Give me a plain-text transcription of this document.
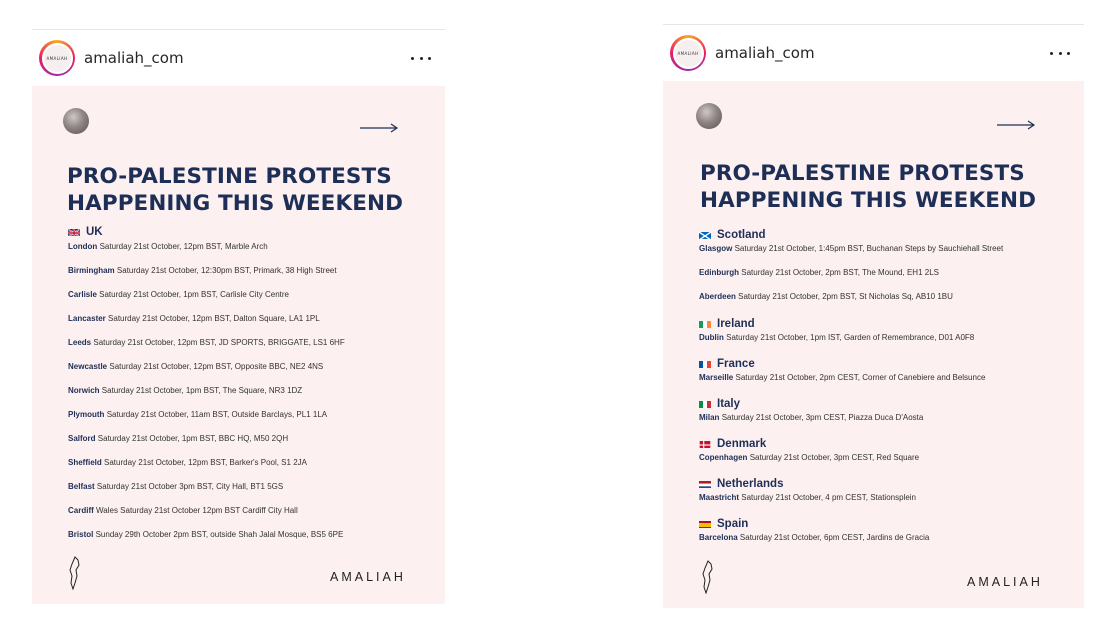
AMALIAH	amaliah_com
PRO-PALESTINE PROTESTS
HAPPENING THIS WEEKEND
UK
London Saturday 21st October, 12pm BST, Marble Arch
Birmingham Saturday 21st October, 12:30pm BST, Primark, 38 High Street
Carlisle Saturday 21st October, 1pm BST, Carlisle City Centre
Lancaster Saturday 21st October, 12pm BST, Dalton Square, LA1 1PL
Leeds Saturday 21st October, 12pm BST, JD SPORTS, BRIGGATE, LS1 6HF
Newcastle Saturday 21st October, 12pm BST, Opposite BBC, NE2 4NS
Norwich Saturday 21st October, 1pm BST, The Square, NR3 1DZ
Plymouth Saturday 21st October, 11am BST, Outside Barclays, PL1 1LA
Salford Saturday 21st October, 1pm BST, BBC HQ, M50 2QH
Sheffield Saturday 21st October, 12pm BST, Barker's Pool, S1 2JA
Belfast Saturday 21st October 3pm BST, City Hall, BT1 5GS
Cardiff Wales Saturday 21st October 12pm BST Cardiff City Hall
Bristol Sunday 29th October 2pm BST, outside Shah Jalal Mosque, BS5 6PE
AMALIAH
AMALIAH	amaliah_com
PRO-PALESTINE PROTESTS
HAPPENING THIS WEEKEND
Scotland
Glasgow Saturday 21st October, 1:45pm BST, Buchanan Steps by Sauchiehall Street
Edinburgh Saturday 21st October, 2pm BST, The Mound, EH1 2LS
Aberdeen Saturday 21st October, 2pm BST, St Nicholas Sq, AB10 1BU
Ireland
Dublin Saturday 21st October, 1pm IST, Garden of Remembrance, D01 A0F8
France
Marseille Saturday 21st October, 2pm CEST, Corner of Canebiere and Belsunce
Italy
Milan Saturday 21st October, 3pm CEST, Piazza Duca D'Aosta
Denmark
Copenhagen Saturday 21st October, 3pm CEST, Red Square
Netherlands
Maastricht Saturday 21st October, 4 pm CEST, Stationsplein
Spain
Barcelona Saturday 21st October, 6pm CEST, Jardins de Gracia
AMALIAH
